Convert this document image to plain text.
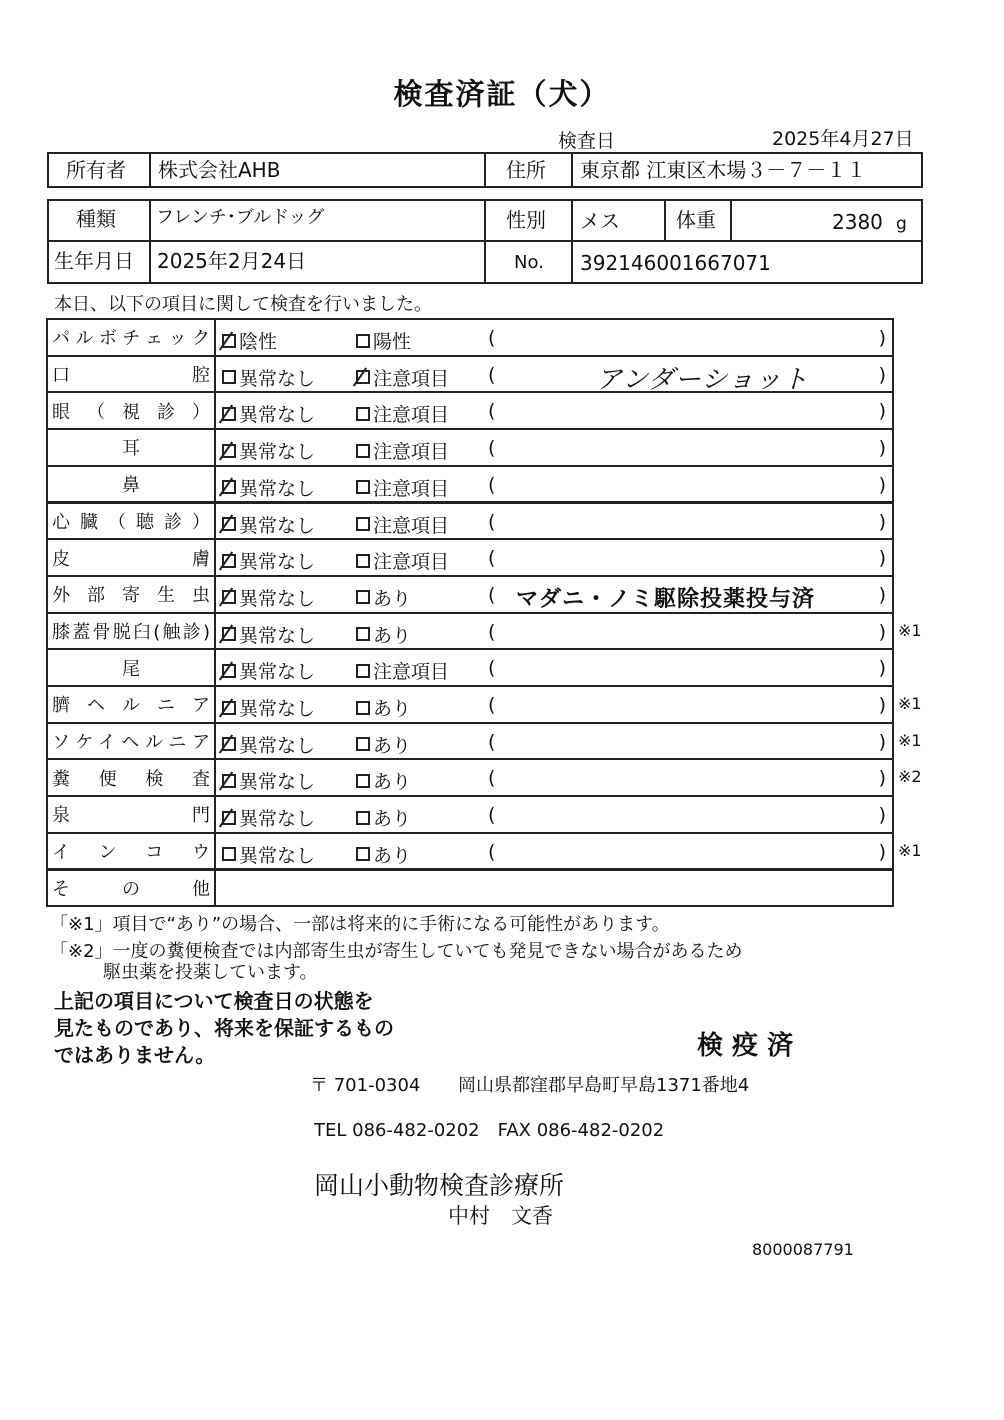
検査済証（犬）
検査日	2025年4月27日
所有者 株式会社AHB	住所 東京都 江東区木場３－７－１１
種類 フレンチ･ブルドッグ	性別 メス	体重	2380 g
生年月日 2025年2月24日	No. 392146001667071
本日、以下の項目に関して検査を行いました。
パルボチェック 陰性	陽性	(	)
口腔 異常なし	注意項目 (	アンダーショット	)
眼（視診） 異常なし	注意項目 (	)
耳	異常なし	注意項目 (	)
鼻	異常なし	注意項目 (	)
心臓（聴診） 異常なし	注意項目 (	)
皮膚 異常なし	注意項目 (	)
外部寄生虫 異常なし	あり	( マダニ・ノミ駆除投薬投与済	)
膝蓋骨脱臼(触診) 異常なし	あり	(	) ※1
尾	異常なし	注意項目 (	)
臍ヘルニア 異常なし	あり	(	) ※1
ソケイヘルニア 異常なし	あり	(	) ※1
糞便検査 異常なし	あり	(	) ※2
泉門 異常なし	あり	(	)
インコウ 異常なし	あり	(	) ※1
その他
「※1」項目で“あり”の場合、一部は将来的に手術になる可能性があります。
「※2」一度の糞便検査では内部寄生虫が寄生していても発見できない場合があるため
駆虫薬を投薬しています。
上記の項目について検査日の状態を
見たものであり、将来を保証するもの
ではありません。	検 疫 済
〒 701-0304 岡山県都窪郡早島町早島1371番地4
TEL 086-482-0202　FAX 086-482-0202
岡山小動物検査診療所
中村　文香
8000087791
